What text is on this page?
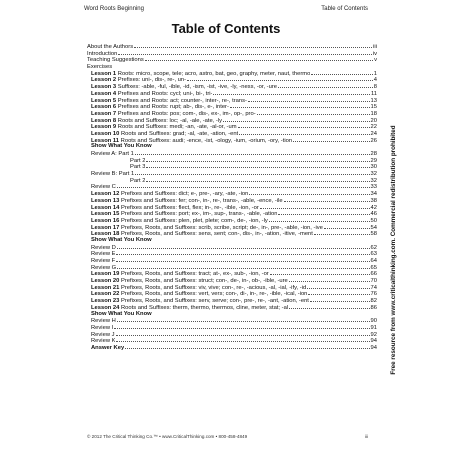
Word Roots Beginning	Table of Contents
Table of Contents
About the Authors	iii
Introduction	iv
Teaching Suggestions	v
Exercises
Lesson 1 Roots: micro, scope, tele; acro, astro, bat, geo, graphy, meter, naut, thermo	1
Lesson 2 Prefixes: uni-, dis-, re-, un-	4
Lesson 3 Suffixes: -able, -ful, -ible, -id, -ism, -ist, -ive, -ly, -ness, -or, -ure	8
Lesson 4 Prefixes and Roots: cycl; uni-, bi-, tri-	11
Lesson 5 Prefixes and Roots: act; counter-, inter-, re-, trans-	13
Lesson 6 Prefixes and Roots: rupt; ab-, dis-, e-, inter-	15
Lesson 7 Prefixes and Roots: pos; com-, dis-, ex-, im-, op-, pro-	18
Lesson 8 Roots and Suffixes: loc; -al, -ale, -ate, -ly	20
Lesson 9 Roots and Suffixes: medi; -an, -ate, -al-or, -um	22
Lesson 10 Roots and Suffixes: grad; -al, -ate, -ation, -ent	24
Lesson 11 Roots and Suffixes: audi; -ence, -ist, -ology, -ium, -orium, -ory, -tion	26
Show What You Know
Review A: Part 1	28
Part 2	29
Part 3	30
Review B: Part 1	32
Part 2	32
Review C	33
Lesson 12 Prefixes and Suffixes: dict; e-, pre-, -ary, -ate, -ion	34
Lesson 13 Prefixes and Suffixes: fer; con-, in-, re-, trans-, -able, -ence, -ile	38
Lesson 14 Prefixes and Suffixes: flect, flex; in-, re-, -ible, -ion, -or	42
Lesson 15 Prefixes and Suffixes: port; ex-, im-, sup-, trans-, -able, -ation	46
Lesson 16 Prefixes and Suffixes: plen, plet, plete; com-, de-, -ion, -ly	50
Lesson 17 Prefixes, Roots, and Suffixes: scrib, scribe, script; de-, in-, pre-, -able, -ion, -ive	54
Lesson 18 Prefixes, Roots, and Suffixes: sens, sent; con-, dis-, in-, -ation, -itive, -ment	58
Show What You Know
Review D	62
Review E	63
Review F	64
Review G	65
Lesson 19 Prefixes, Roots, and Suffixes: tract; at-, ex-, sub-, -ion, -or	66
Lesson 20 Prefixes, Roots, and Suffixes: struct; con-, de-, in-, ob-, -ible, -ure	70
Lesson 21 Prefixes, Roots, and Suffixes: viv, vive; con-, re-, -acious, -al, -ial, -ify, -id	74
Lesson 22 Prefixes, Roots, and Suffixes: vert, vers; con-, di-, in-, re-, -ible, -ical, -ion	76
Lesson 23 Prefixes, Roots, and Suffixes: serv, serve; con-, pre-, re-, -ant, -ation, -ent	82
Lesson 24 Roots and Suffixes: therm, thermo, thermos, cline, meter, stat; -al	86
Show What You Know
Review H	90
Review I	91
Review J	92
Review K	94
Answer Key	94 Free resource from www.criticalthinking.com. Commercial redistribution prohibited
© 2012 The Critical Thinking Co.™ • www.CriticalThinking.com • 800-458-4849	iii
